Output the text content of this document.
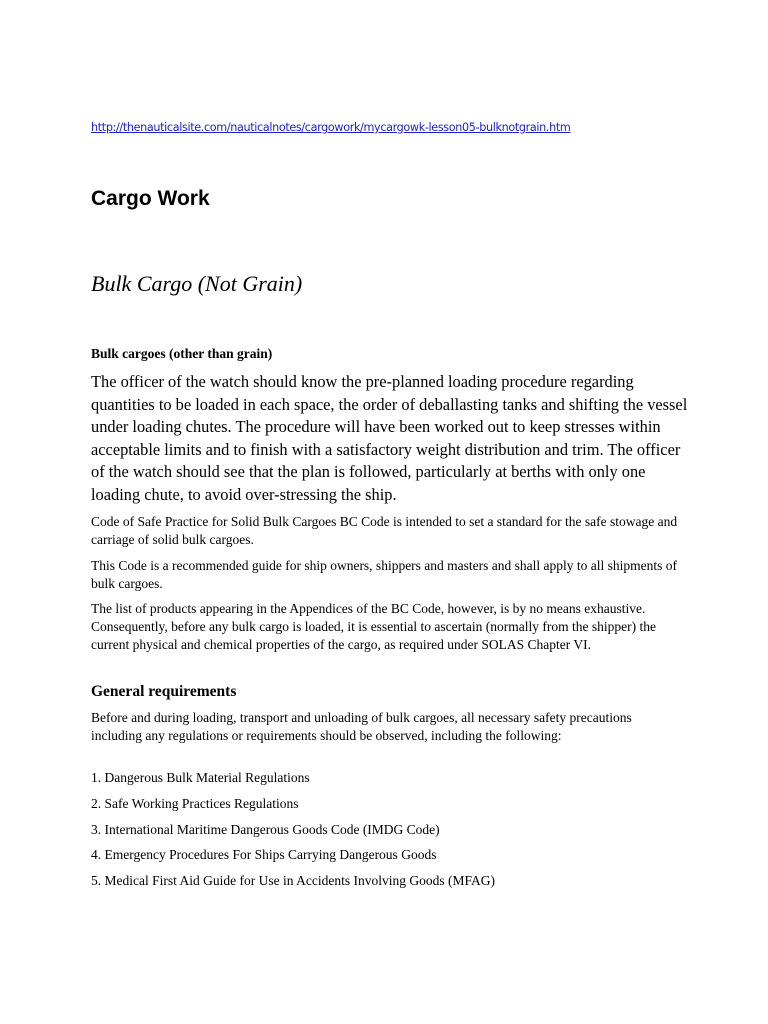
http://thenauticalsite.com/nauticalnotes/cargowork/mycargowk-lesson05-bulknotgrain.htm
Cargo Work
Bulk Cargo (Not Grain)
Bulk cargoes (other than grain)

The officer of the watch should know the pre-planned loading procedure regarding quantities to be loaded in each space, the order of deballasting tanks and shifting the vessel under loading chutes. The procedure will have been worked out to keep stresses within acceptable limits and to finish with a satisfactory weight distribution and trim. The officer of the watch should see that the plan is followed, particularly at berths with only one loading chute, to avoid over-stressing the ship.

Code of Safe Practice for Solid Bulk Cargoes BC Code is intended to set a standard for the safe stowage and carriage of solid bulk cargoes.

This Code is a recommended guide for ship owners, shippers and masters and shall apply to all shipments of bulk cargoes.

The list of products appearing in the Appendices of the BC Code, however, is by no means exhaustive. Consequently, before any bulk cargo is loaded, it is essential to ascertain (normally from the shipper) the current physical and chemical properties of the cargo, as required under SOLAS Chapter VI.

General requirements

Before and during loading, transport and unloading of bulk cargoes, all necessary safety precautions including any regulations or requirements should be observed, including the following:

1. Dangerous Bulk Material Regulations
2. Safe Working Practices Regulations
3. International Maritime Dangerous Goods Code (IMDG Code)
4. Emergency Procedures For Ships Carrying Dangerous Goods
5. Medical First Aid Guide for Use in Accidents Involving Goods (MFAG)
